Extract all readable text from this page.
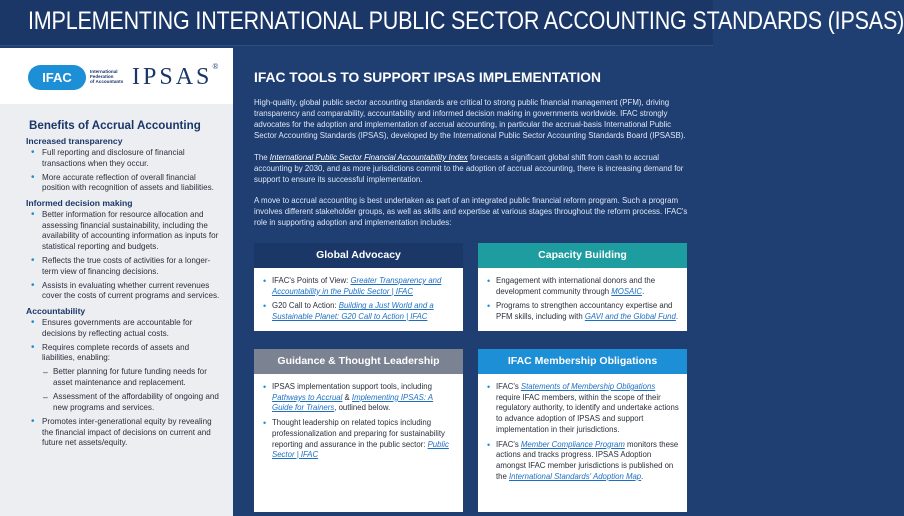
IMPLEMENTING INTERNATIONAL PUBLIC SECTOR ACCOUNTING STANDARDS (IPSAS)
IFAC	International
Federation
of Accountants IPSAS®
Benefits of Accrual Accounting
Increased transparency
• Full reporting and disclosure of financial transactions when they occur.
• More accurate reflection of overall financial position with recognition of assets and liabilities.
Informed decision making
• Better information for resource allocation and assessing financial sustainability, including the availability of accounting information as inputs for statistical reporting and budgets.
• Reflects the true costs of activities for a longer-term view of financing decisions.
• Assists in evaluating whether current revenues cover the costs of current programs and services.
Accountability
• Ensures governments are accountable for decisions by reflecting actual costs.
• Requires complete records of assets and liabilities, enabling:
– Better planning for future funding needs for asset maintenance and replacement.
– Assessment of the affordability of ongoing and new programs and services.
• Promotes inter-generational equity by revealing the financial impact of decisions on current and future net assets/equity.
IFAC TOOLS TO SUPPORT IPSAS IMPLEMENTATION

High-quality, global public sector accounting standards are critical to strong public financial management (PFM), driving transparency and comparability, accountability and informed decision making in governments worldwide. IFAC strongly advocates for the adoption and implementation of accrual accounting, in particular the accrual-basis International Public Sector Accounting Standards (IPSAS), developed by the International Public Sector Accounting Standards Board (IPSASB).

The International Public Sector Financial Accountability Index forecasts a significant global shift from cash to accrual accounting by 2030, and as more jurisdictions commit to the adoption of accrual accounting, there is increasing demand for support to ensure its successful implementation.

A move to accrual accounting is best undertaken as part of an integrated public financial reform program. Such a program involves different stakeholder groups, as well as skills and expertise at various stages throughout the reform process. IFAC's role in supporting adoption and implementation includes:

Global Advocacy
• IFAC's Points of View: Greater Transparency and Accountability in the Public Sector | IFAC
• G20 Call to Action: Building a Just World and a Sustainable Planet: G20 Call to Action | IFAC
Capacity Building
• Engagement with international donors and the development community through MOSAIC.
• Programs to strengthen accountancy expertise and PFM skills, including with GAVI and the Global Fund.
Guidance & Thought Leadership
• IPSAS implementation support tools, including Pathways to Accrual & Implementing IPSAS: A Guide for Trainers, outlined below.
• Thought leadership on related topics including professionalization and preparing for sustainability reporting and assurance in the public sector: Public Sector | IFAC
IFAC Membership Obligations
• IFAC's Statements of Membership Obligations require IFAC members, within the scope of their regulatory authority, to identify and undertake actions to advance adoption of IPSAS and support implementation in their jurisdictions.
• IFAC's Member Compliance Program monitors these actions and tracks progress. IPSAS Adoption amongst IFAC member jurisdictions is published on the International Standards' Adoption Map.
